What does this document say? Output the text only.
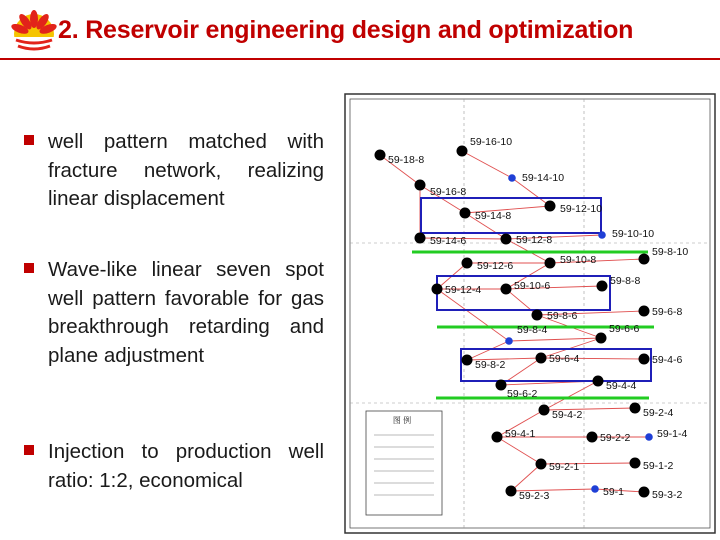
2. Reservoir engineering design and optimization
well pattern matched with fracture network, realizing linear displacement
Wave-like linear seven spot well pattern favorable for gas breakthrough retarding and plane adjustment
Injection to production well ratio: 1:2, economical
59-18-8
59-16-10
59-14-10
59-16-8
59-14-8
59-12-10
59-14-6	59-12-8	59-10-10
59-12-6	59-10-8
59-8-10
59-12-4	59-10-6	59-8-8
59-8-6	59-6-8
59-8-4	59-6-6
59-8-2	59-6-4	59-4-6
59-6-2
59-4-4
59-4-2	59-2-4
59-4-1	59-2-2	59-1-4
59-2-1	59-1-2
59-2-3	59-1	59-3-2
图 例
